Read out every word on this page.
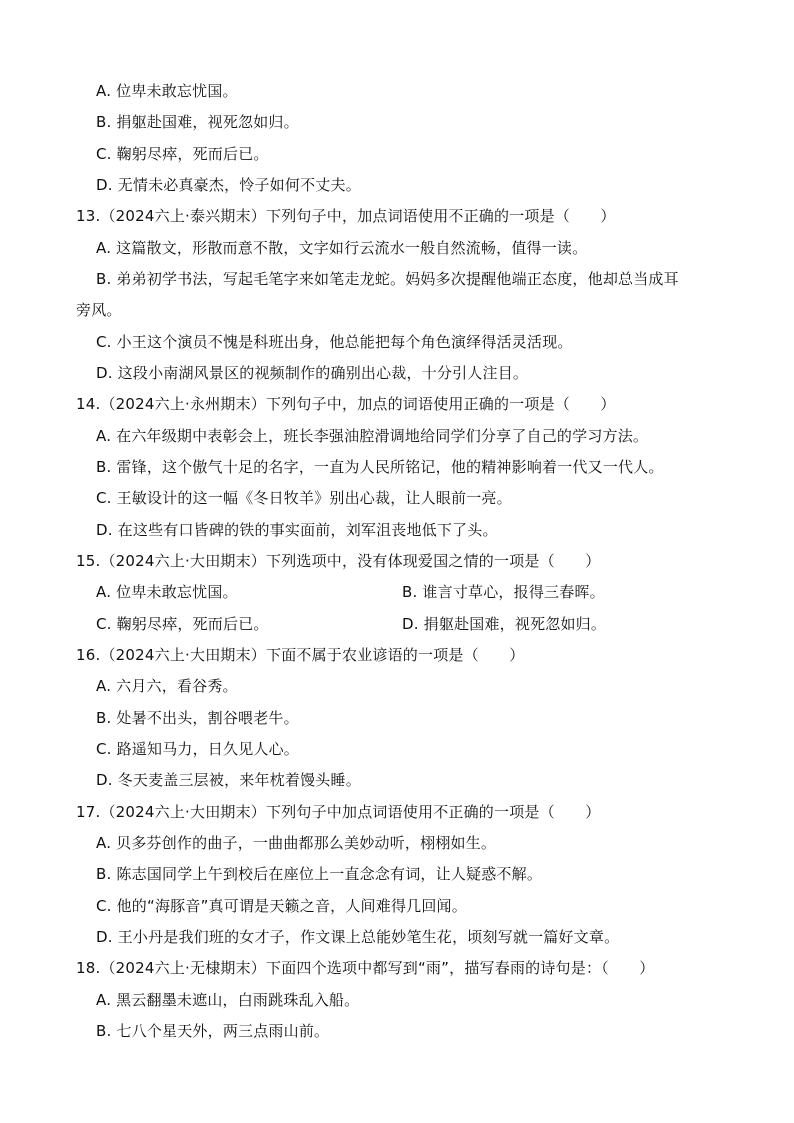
A. 位卑未敢忘忧国。
B. 捐躯赴国难，视死忽如归。
C. 鞠躬尽瘁，死而后已。
D. 无情未必真豪杰，怜子如何不丈夫。
13.（2024六上·泰兴期末）下列句子中，加点词语使用不正确的一项是（　　）
A. 这篇散文，形散而意不散，文字如行云流水一般自然流畅，值得一读。
B. 弟弟初学书法，写起毛笔字来如笔走龙蛇。妈妈多次提醒他端正态度，他却总当成耳
旁风。
C. 小王这个演员不愧是科班出身，他总能把每个角色演绎得活灵活现。
D. 这段小南湖风景区的视频制作的确别出心裁，十分引人注目。
14.（2024六上·永州期末）下列句子中，加点的词语使用正确的一项是（　　）
A. 在六年级期中表彰会上，班长李强油腔滑调地给同学们分享了自己的学习方法。
B. 雷锋，这个傲气十足的名字，一直为人民所铭记，他的精神影响着一代又一代人。
C. 王敏设计的这一幅《冬日牧羊》别出心裁，让人眼前一亮。
D. 在这些有口皆碑的铁的事实面前，刘军沮丧地低下了头。
15.（2024六上·大田期末）下列选项中，没有体现爱国之情的一项是（　　）
A. 位卑未敢忘忧国。	B. 谁言寸草心，报得三春晖。
C. 鞠躬尽瘁，死而后已。	D. 捐躯赴国难，视死忽如归。
16.（2024六上·大田期末）下面不属于农业谚语的一项是（　　）
A. 六月六，看谷秀。
B. 处暑不出头，割谷喂老牛。
C. 路遥知马力，日久见人心。
D. 冬天麦盖三层被，来年枕着馒头睡。
17.（2024六上·大田期末）下列句子中加点词语使用不正确的一项是（　　）
A. 贝多芬创作的曲子，一曲曲都那么美妙动听，栩栩如生。
B. 陈志国同学上午到校后在座位上一直念念有词，让人疑惑不解。
C. 他的“海豚音”真可谓是天籁之音，人间难得几回闻。
D. 王小丹是我们班的女才子，作文课上总能妙笔生花，顷刻写就一篇好文章。
18.（2024六上·无棣期末）下面四个选项中都写到“雨”，描写春雨的诗句是：（　　）
A. 黑云翻墨未遮山，白雨跳珠乱入船。
B. 七八个星天外，两三点雨山前。
